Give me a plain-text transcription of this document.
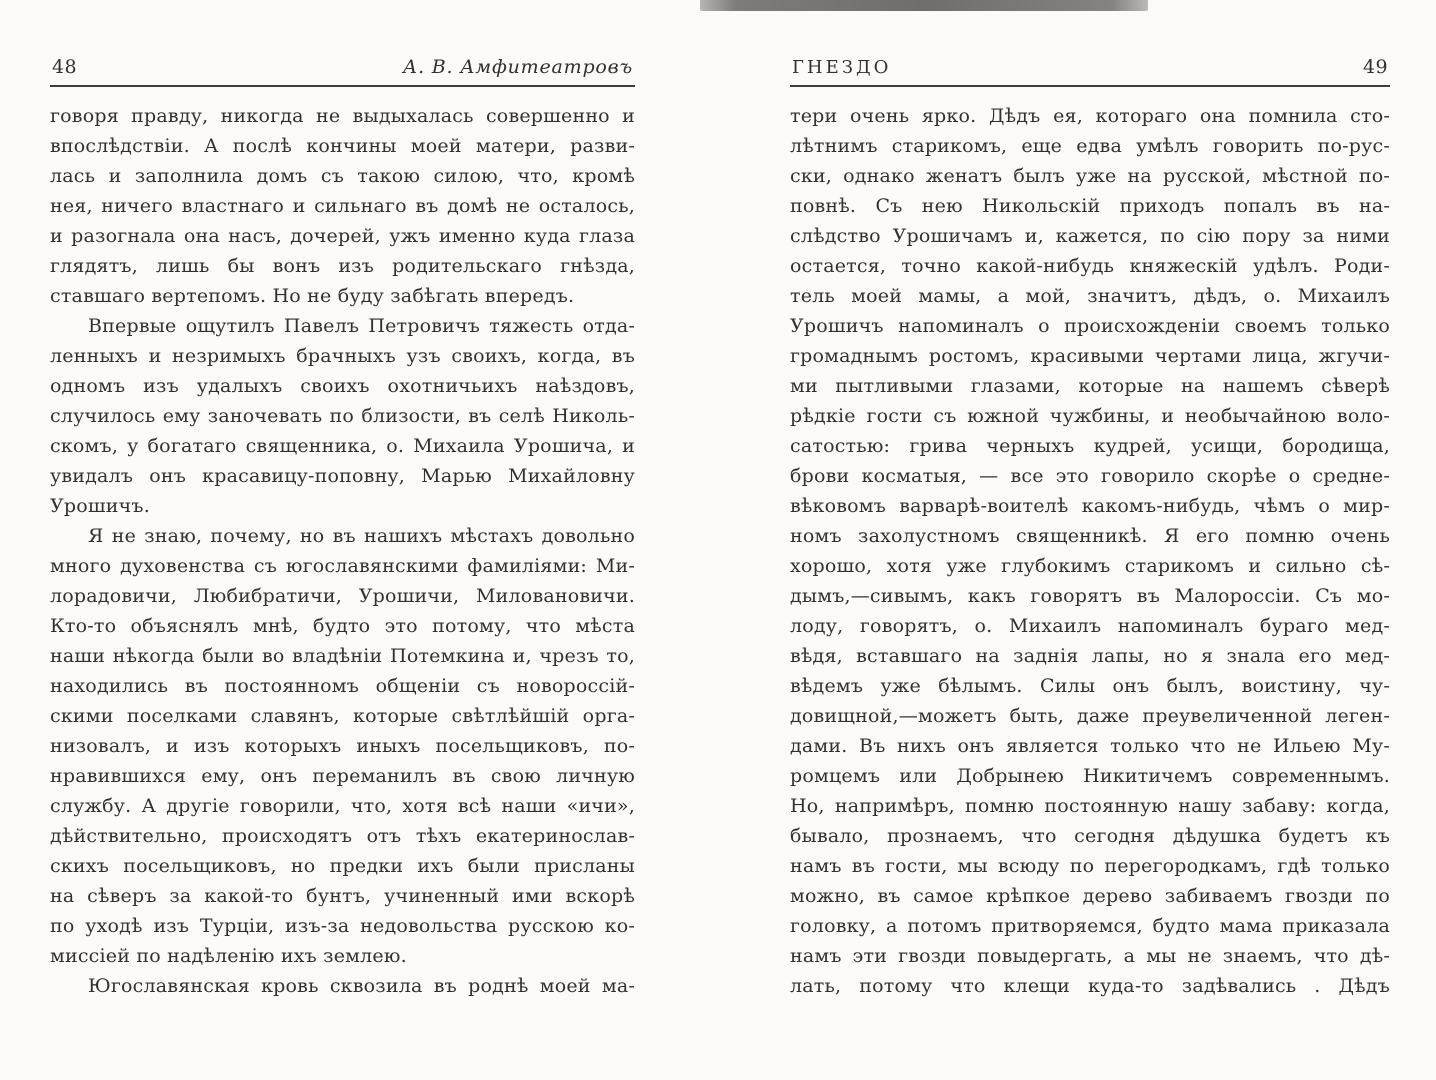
48	А. В. Амфитеатровъ
говоря правду, никогда не выдыхалась совершенно и
впослѣдствіи. А послѣ кончины моей матери, разви-
лась и заполнила домъ съ такою силою, что, кромѣ
нея, ничего властнаго и сильнаго въ домѣ не осталось,
и разогнала она насъ, дочерей, ужъ именно куда глаза
глядятъ, лишь бы вонъ изъ родительскаго гнѣзда,
ставшаго вертепомъ. Но не буду забѣгать впередъ.
Впервые ощутилъ Павелъ Петровичъ тяжесть отда-
ленныхъ и незримыхъ брачныхъ узъ своихъ, когда, въ
одномъ изъ удалыхъ своихъ охотничьихъ наѣздовъ,
случилось ему заночевать по близости, въ селѣ Николь-
скомъ, у богатаго священника, о. Михаила Урошича, и
увидалъ онъ красавицу-поповну, Марью Михайловну
Урошичъ.
Я не знаю, почему, но въ нашихъ мѣстахъ довольно
много духовенства съ югославянскими фамиліями: Ми-
лорадовичи, Любибратичи, Урошичи, Миловановичи.
Кто-то объяснялъ мнѣ, будто это потому, что мѣста
наши нѣкогда были во владѣніи Потемкина и, чрезъ то,
находились въ постоянномъ общеніи съ новороссій-
скими поселками славянъ, которые свѣтлѣйшій орга-
низовалъ, и изъ которыхъ иныхъ посельщиковъ, по-
нравившихся ему, онъ переманилъ въ свою личную
службу. А другіе говорили, что, хотя всѣ наши «ичи»,
дѣйствительно, происходятъ отъ тѣхъ екатеринослав-
скихъ посельщиковъ, но предки ихъ были присланы
на сѣверъ за какой-то бунтъ, учиненный ими вскорѣ
по уходѣ изъ Турціи, изъ-за недовольства русскою ко-
миссіей по надѣленію ихъ землею.
Югославянская кровь сквозила въ роднѣ моей ма-
ГНЕЗДО	49
тери очень ярко. Дѣдъ ея, котораго она помнила сто-
лѣтнимъ старикомъ, еще едва умѣлъ говорить по-рус-
ски, однако женатъ былъ уже на русской, мѣстной по-
повнѣ. Съ нею Никольскій приходъ попалъ въ на-
слѣдство Урошичамъ и, кажется, по сію пору за ними
остается, точно какой-нибудь княжескій удѣлъ. Роди-
тель моей мамы, а мой, значитъ, дѣдъ, о. Михаилъ
Урошичъ напоминалъ о происхожденіи своемъ только
громаднымъ ростомъ, красивыми чертами лица, жгучи-
ми пытливыми глазами, которые на нашемъ сѣверѣ
рѣдкіе гости съ южной чужбины, и необычайною воло-
сатостью: грива черныхъ кудрей, усищи, бородища,
брови косматыя, — все это говорило скорѣе о средне-
вѣковомъ варварѣ-воителѣ какомъ-нибудь, чѣмъ о мир-
номъ захолустномъ священникѣ. Я его помню очень
хорошо, хотя уже глубокимъ старикомъ и сильно сѣ-
дымъ,—сивымъ, какъ говорятъ въ Малороссіи. Съ мо-
лоду, говорятъ, о. Михаилъ напоминалъ бураго мед-
вѣдя, вставшаго на заднія лапы, но я знала его мед-
вѣдемъ уже бѣлымъ. Силы онъ былъ, воистину, чу-
довищной,—можетъ быть, даже преувеличенной леген-
дами. Въ нихъ онъ является только что не Ильею Му-
ромцемъ или Добрынею Никитичемъ современнымъ.
Но, напримѣръ, помню постоянную нашу забаву: когда,
бывало, прознаемъ, что сегодня дѣдушка будетъ къ
намъ въ гости, мы всюду по перегородкамъ, гдѣ только
можно, въ самое крѣпкое дерево забиваемъ гвозди по
головку, а потомъ притворяемся, будто мама приказала
намъ эти гвозди повыдергать, а мы не знаемъ, что дѣ-
лать, потому что клещи куда-то задѣвались . Дѣдъ
